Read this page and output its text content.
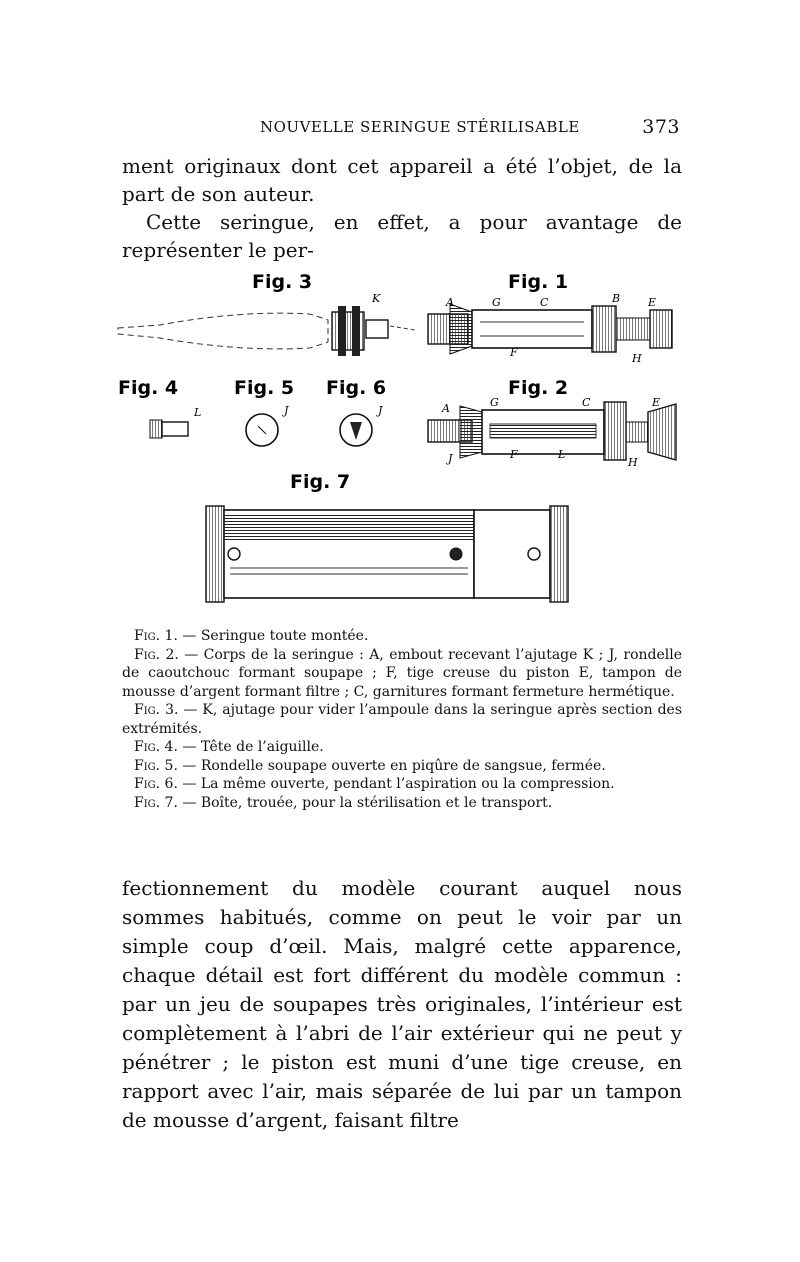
NOUVELLE SERINGUE STÉRILISABLE	373

ment originaux dont cet appareil a été l’objet, de la part de son auteur.

Cette seringue, en effet, a pour avantage de représenter le per-

Fig. 3
K
Fig. 1
A	G	C	B	E
F	H
Fig. 4
L
Fig. 5
J
Fig. 6
J
Fig. 2
A	G	C	E
J	F	L
H
Fig. 7

Fig. 1. — Seringue toute montée.

Fig. 2. — Corps de la seringue : A, embout recevant l’ajutage K ; J, rondelle de caoutchouc formant soupape ; F, tige creuse du piston E, tampon de mousse d’argent formant filtre ; C, garnitures formant fermeture hermétique.

Fig. 3. — K, ajutage pour vider l’ampoule dans la seringue après section des extrémités.

Fig. 4. — Tête de l’aiguille.

Fig. 5. — Rondelle soupape ouverte en piqûre de sangsue, fermée.

Fig. 6. — La même ouverte, pendant l’aspiration ou la compression.

Fig. 7. — Boîte, trouée, pour la stérilisation et le transport.

fectionnement du modèle courant auquel nous sommes habitués, comme on peut le voir par un simple coup d’œil. Mais, malgré cette apparence, chaque détail est fort différent du modèle commun : par un jeu de soupapes très originales, l’intérieur est complètement à l’abri de l’air extérieur qui ne peut y pénétrer ; le piston est muni d’une tige creuse, en rapport avec l’air, mais séparée de lui par un tampon de mousse d’argent, faisant filtre
